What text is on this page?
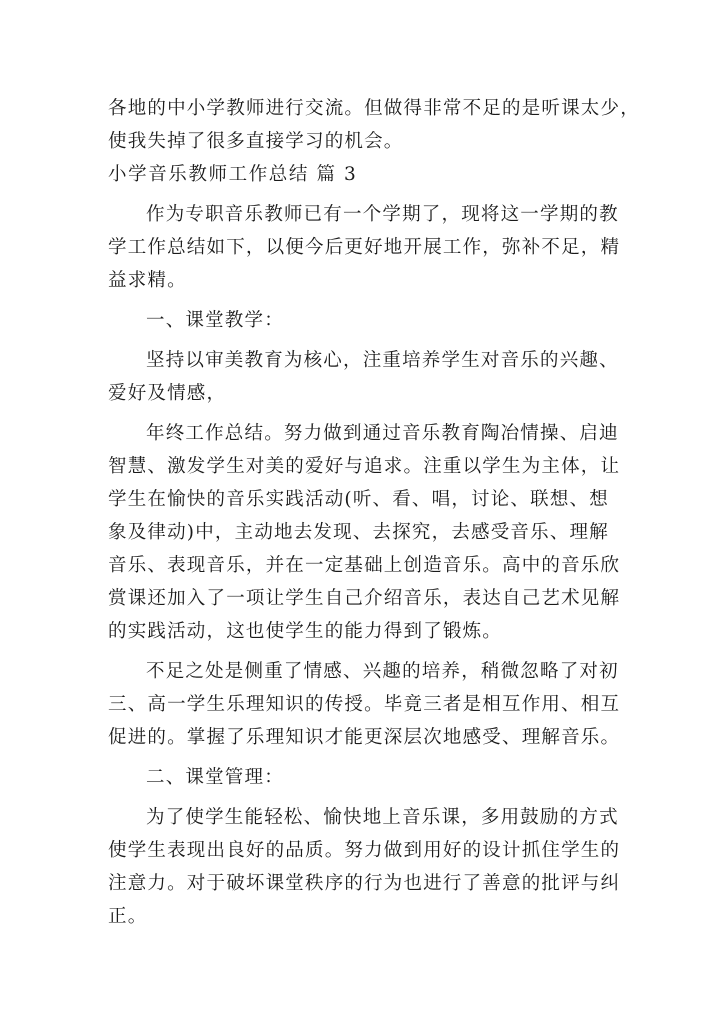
各地的中小学教师进行交流。但做得非常不足的是听课太少，
使我失掉了很多直接学习的机会。
小学音乐教师工作总结 篇 3
作为专职音乐教师已有一个学期了，现将这一学期的教
学工作总结如下，以便今后更好地开展工作，弥补不足，精
益求精。
一、课堂教学：
坚持以审美教育为核心，注重培养学生对音乐的兴趣、
爱好及情感，
年终工作总结。努力做到通过音乐教育陶冶情操、启迪
智慧、激发学生对美的爱好与追求。注重以学生为主体，让
学生在愉快的音乐实践活动(听、看、唱，讨论、联想、想
象及律动)中，主动地去发现、去探究，去感受音乐、理解
音乐、表现音乐，并在一定基础上创造音乐。高中的音乐欣
赏课还加入了一项让学生自己介绍音乐，表达自己艺术见解
的实践活动，这也使学生的能力得到了锻炼。
不足之处是侧重了情感、兴趣的培养，稍微忽略了对初
三、高一学生乐理知识的传授。毕竟三者是相互作用、相互
促进的。掌握了乐理知识才能更深层次地感受、理解音乐。
二、课堂管理：
为了使学生能轻松、愉快地上音乐课，多用鼓励的方式
使学生表现出良好的品质。努力做到用好的设计抓住学生的
注意力。对于破坏课堂秩序的行为也进行了善意的批评与纠
正。
